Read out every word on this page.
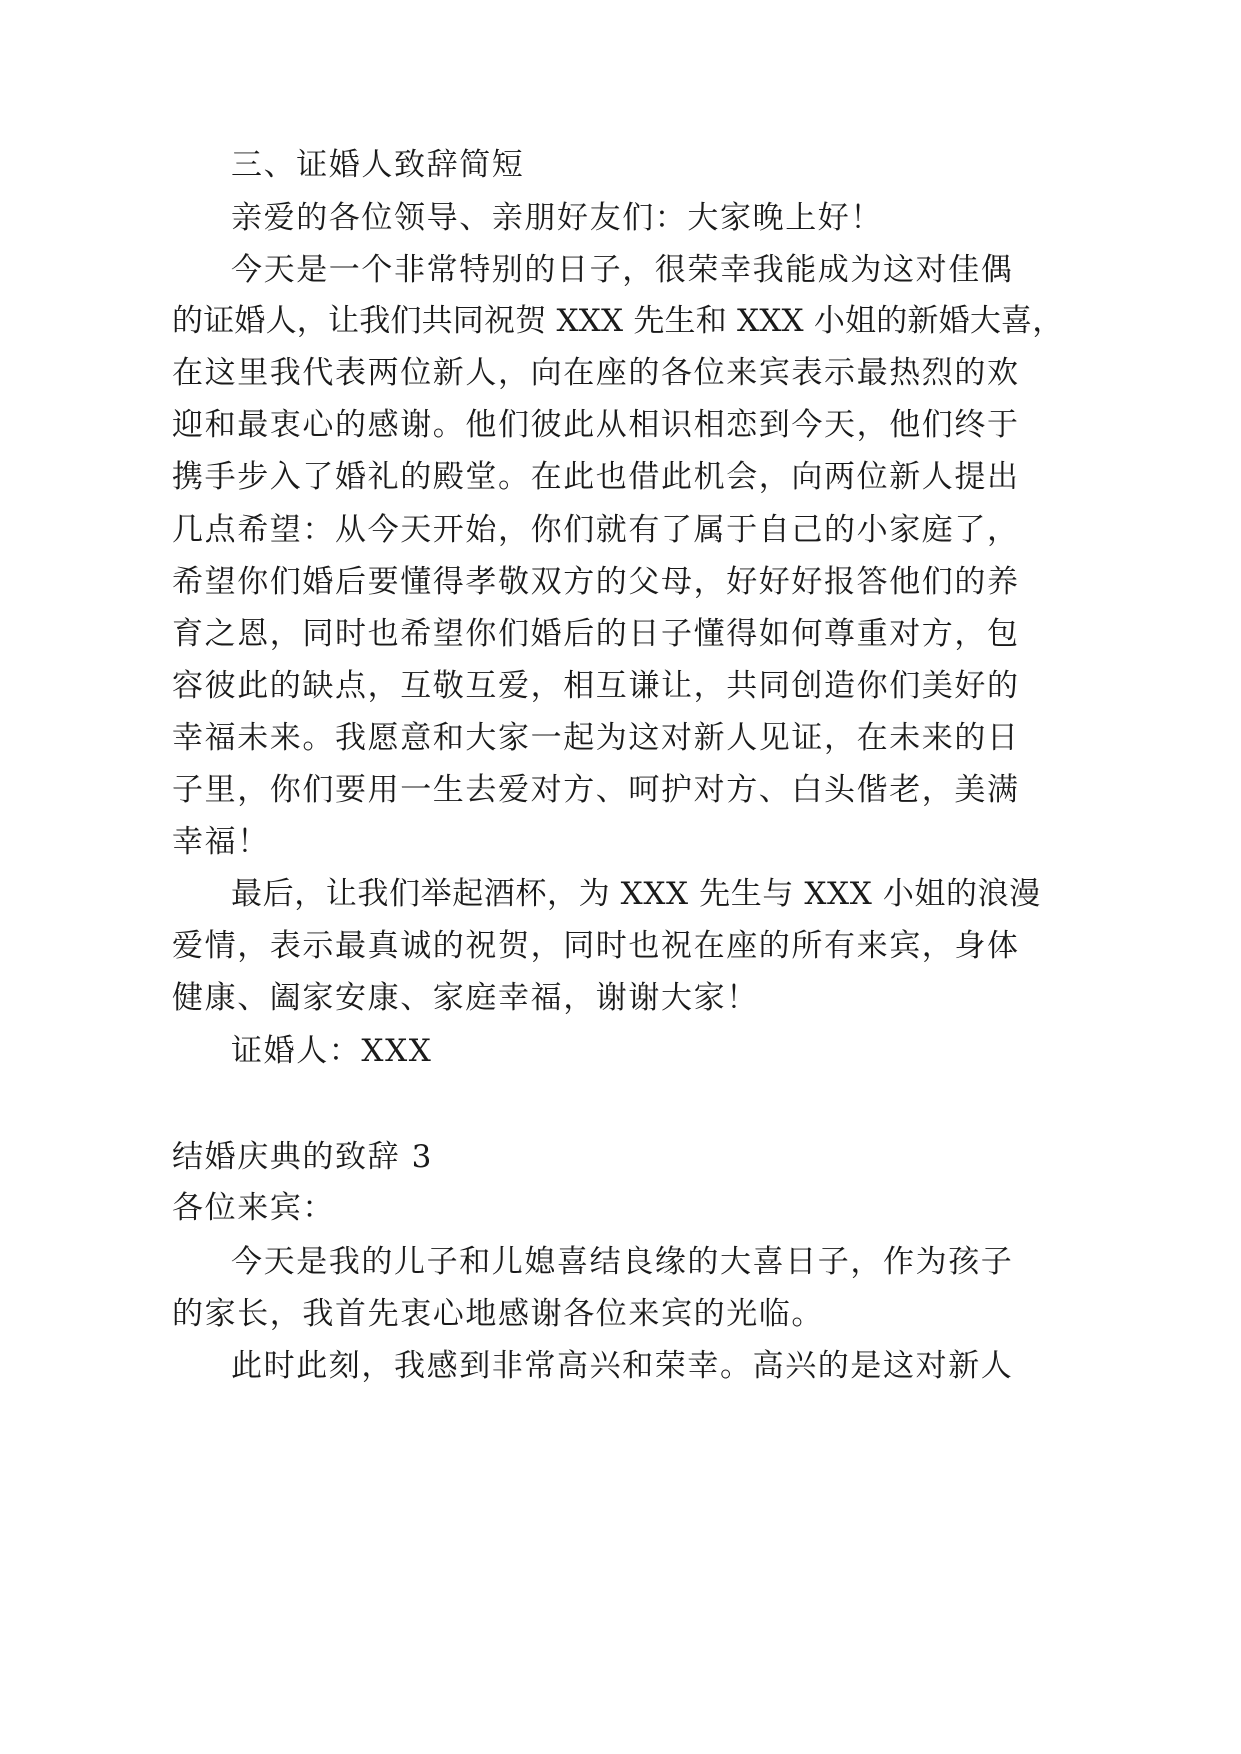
三、证婚人致辞简短
亲爱的各位领导、亲朋好友们：大家晚上好！
今天是一个非常特别的日子，很荣幸我能成为这对佳偶
的证婚人，让我们共同祝贺 XXX 先生和 XXX 小姐的新婚大喜，
在这里我代表两位新人，向在座的各位来宾表示最热烈的欢
迎和最衷心的感谢。他们彼此从相识相恋到今天，他们终于
携手步入了婚礼的殿堂。在此也借此机会，向两位新人提出
几点希望：从今天开始，你们就有了属于自己的小家庭了，
希望你们婚后要懂得孝敬双方的父母，好好好报答他们的养
育之恩，同时也希望你们婚后的日子懂得如何尊重对方，包
容彼此的缺点，互敬互爱，相互谦让，共同创造你们美好的
幸福未来。我愿意和大家一起为这对新人见证，在未来的日
子里，你们要用一生去爱对方、呵护对方、白头偕老，美满
幸福！
最后，让我们举起酒杯，为 XXX 先生与 XXX 小姐的浪漫
爱情，表示最真诚的祝贺，同时也祝在座的所有来宾，身体
健康、阖家安康、家庭幸福，谢谢大家！
证婚人：XXX
结婚庆典的致辞 3
各位来宾：
今天是我的儿子和儿媳喜结良缘的大喜日子，作为孩子
的家长，我首先衷心地感谢各位来宾的光临。
此时此刻，我感到非常高兴和荣幸。高兴的是这对新人
